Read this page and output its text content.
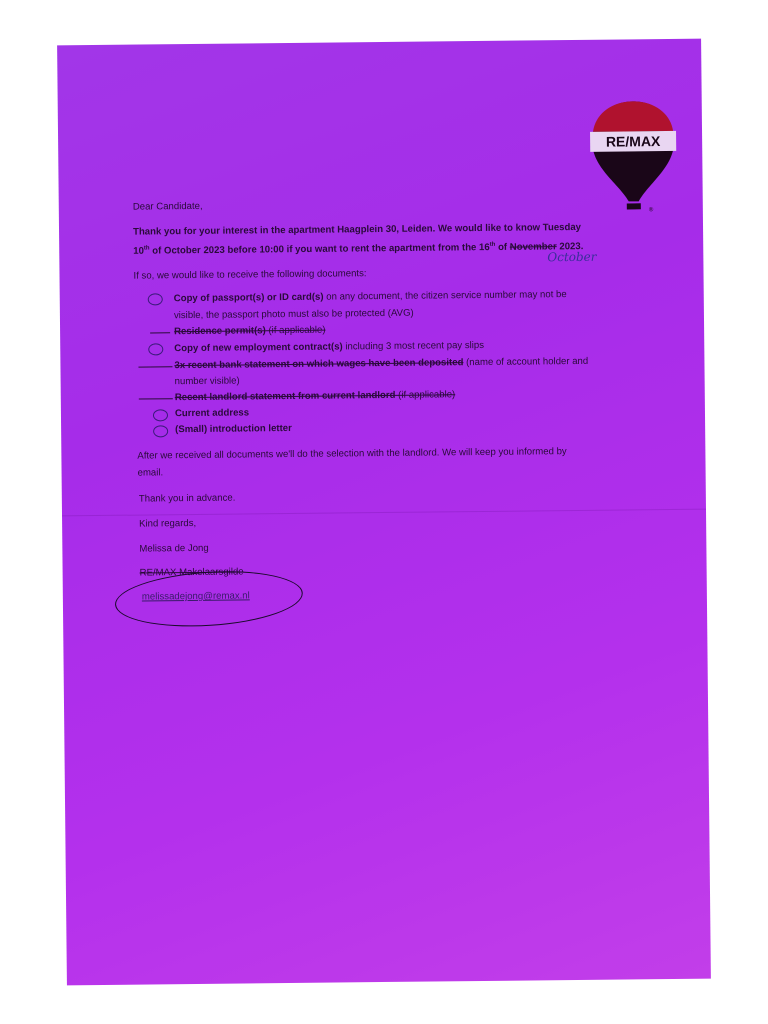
RE/MAX
®
Dear Candidate,
Thank you for your interest in the apartment Haagplein 30, Leiden. We would like to know Tuesday
10th of October 2023 before 10:00 if you want to rent the apartment from the 16th of November 2023.
October
If so, we would like to receive the following documents:
Copy of passport(s) or ID card(s) on any document, the citizen service number may not be
visible, the passport photo must also be protected (AVG)
Residence permit(s) (if applicable)
Copy of new employment contract(s) including 3 most recent pay slips
3x recent bank statement on which wages have been deposited (name of account holder and
number visible)
Recent landlord statement from current landlord (if applicable)
Current address
(Small) introduction letter
After we received all documents we'll do the selection with the landlord. We will keep you informed by
email.
Thank you in advance.
Kind regards,
Melissa de Jong
RE/MAX Makelaarsgilde
melissadejong@remax.nl
